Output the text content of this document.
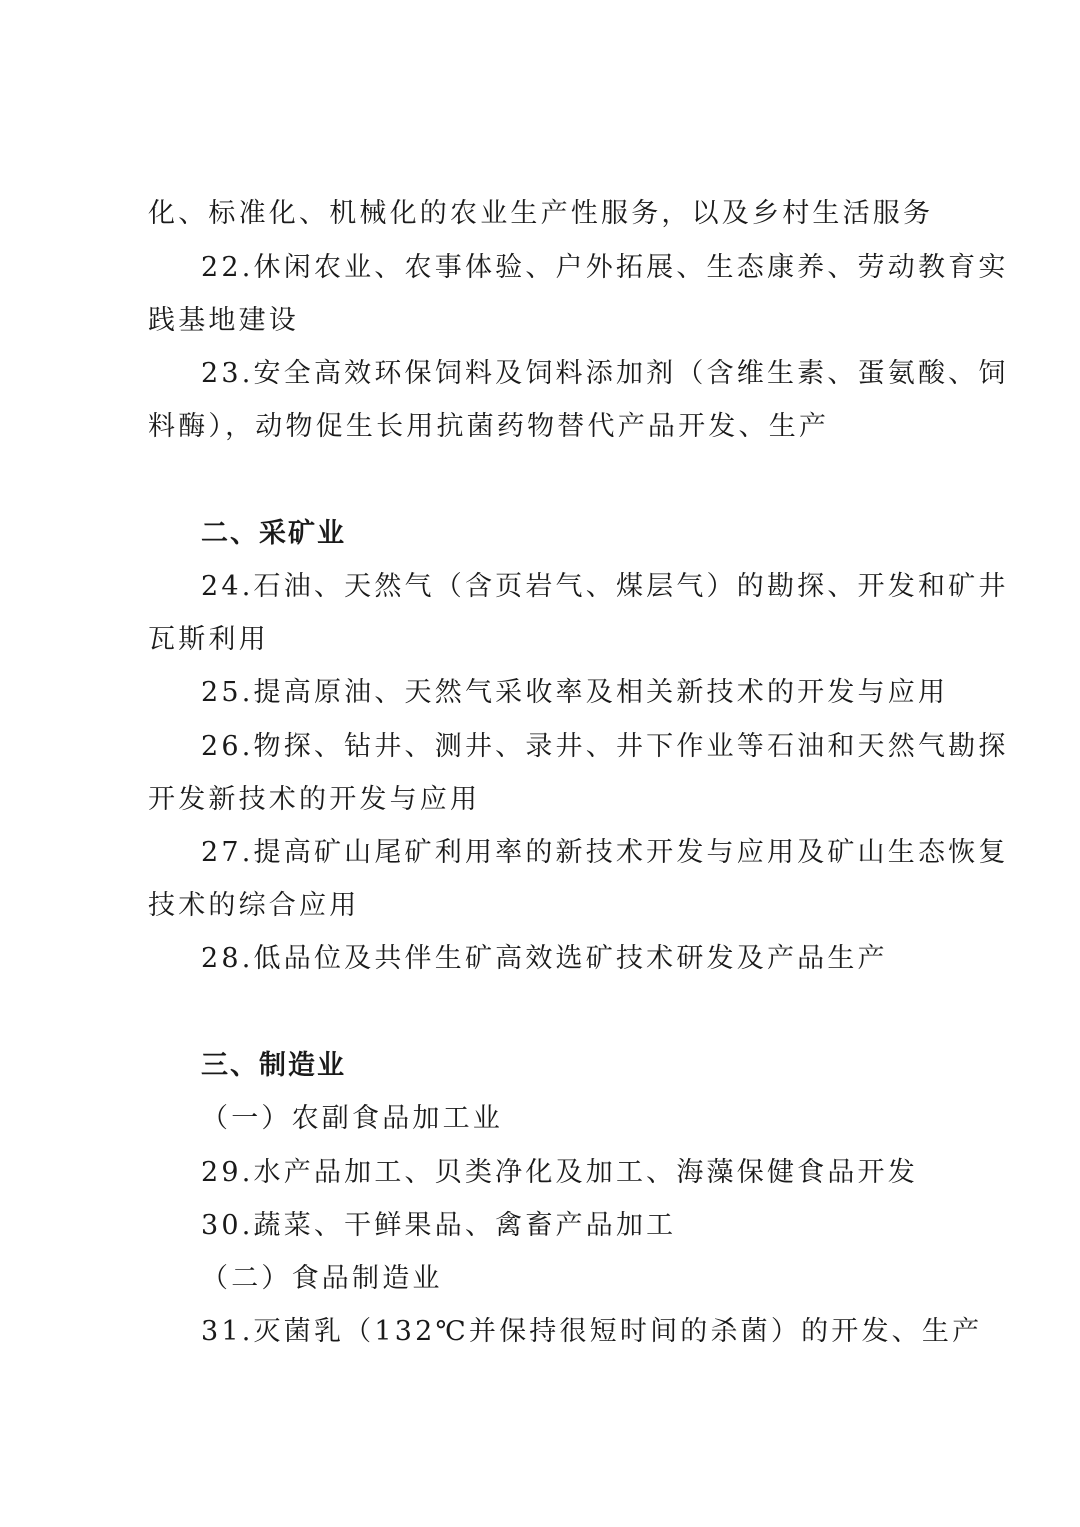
化、标准化、机械化的农业生产性服务，以及乡村生活服务
22.休闲农业、农事体验、户外拓展、生态康养、劳动教育实
践基地建设
23.安全高效环保饲料及饲料添加剂（含维生素、蛋氨酸、饲
料酶），动物促生长用抗菌药物替代产品开发、生产
二、采矿业
24.石油、天然气（含页岩气、煤层气）的勘探、开发和矿井
瓦斯利用
25.提高原油、天然气采收率及相关新技术的开发与应用
26.物探、钻井、测井、录井、井下作业等石油和天然气勘探
开发新技术的开发与应用
27.提高矿山尾矿利用率的新技术开发与应用及矿山生态恢复
技术的综合应用
28.低品位及共伴生矿高效选矿技术研发及产品生产
三、制造业
（一）农副食品加工业
29.水产品加工、贝类净化及加工、海藻保健食品开发
30.蔬菜、干鲜果品、禽畜产品加工
（二）食品制造业
31.灭菌乳（132℃并保持很短时间的杀菌）的开发、生产
